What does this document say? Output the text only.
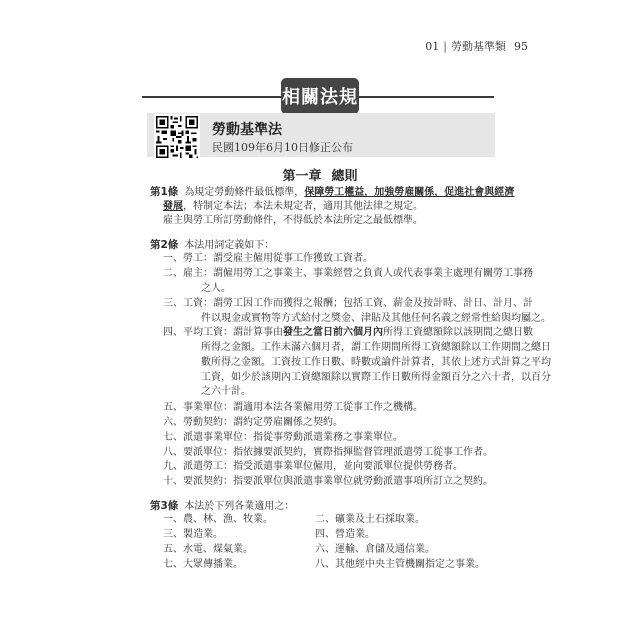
01 | 勞動基準類 95
相關法規
勞動基準法
民國109年6月10日修正公布
第一章 總則
第1條 為規定勞動條件最低標準，保障勞工權益，加強勞雇關係，促進社會與經濟
發展，特制定本法；本法未規定者，適用其他法律之規定。
雇主與勞工所訂勞動條件，不得低於本法所定之最低標準。
第2條 本法用詞定義如下：
一、勞工：謂受雇主僱用從事工作獲致工資者。
二、雇主：謂僱用勞工之事業主、事業經營之負責人或代表事業主處理有關勞工事務
之人。
三、工資：謂勞工因工作而獲得之報酬；包括工資、薪金及按計時、計日、計月、計
件以現金或實物等方式給付之獎金、津貼及其他任何名義之經常性給與均屬之。
四、平均工資：謂計算事由發生之當日前六個月內所得工資總額除以該期間之總日數
所得之金額。工作未滿六個月者，謂工作期間所得工資總額除以工作期間之總日
數所得之金額。工資按工作日數、時數或論件計算者，其依上述方式計算之平均
工資，如少於該期內工資總額除以實際工作日數所得金額百分之六十者，以百分
之六十計。
五、事業單位：謂適用本法各業僱用勞工從事工作之機構。
六、勞動契約：謂約定勞雇關係之契約。
七、派遣事業單位：指從事勞動派遣業務之事業單位。
八、要派單位：指依據要派契約，實際指揮監督管理派遣勞工從事工作者。
九、派遣勞工：指受派遣事業單位僱用，並向要派單位提供勞務者。
十、要派契約：指要派單位與派遣事業單位就勞動派遣事項所訂立之契約。
第3條 本法於下列各業適用之：
一、農、林、漁、牧業。	二、礦業及土石採取業。
三、製造業。	四、營造業。
五、水電、煤氣業。	六、運輸、倉儲及通信業。
七、大眾傳播業。	八、其他經中央主管機關指定之事業。
